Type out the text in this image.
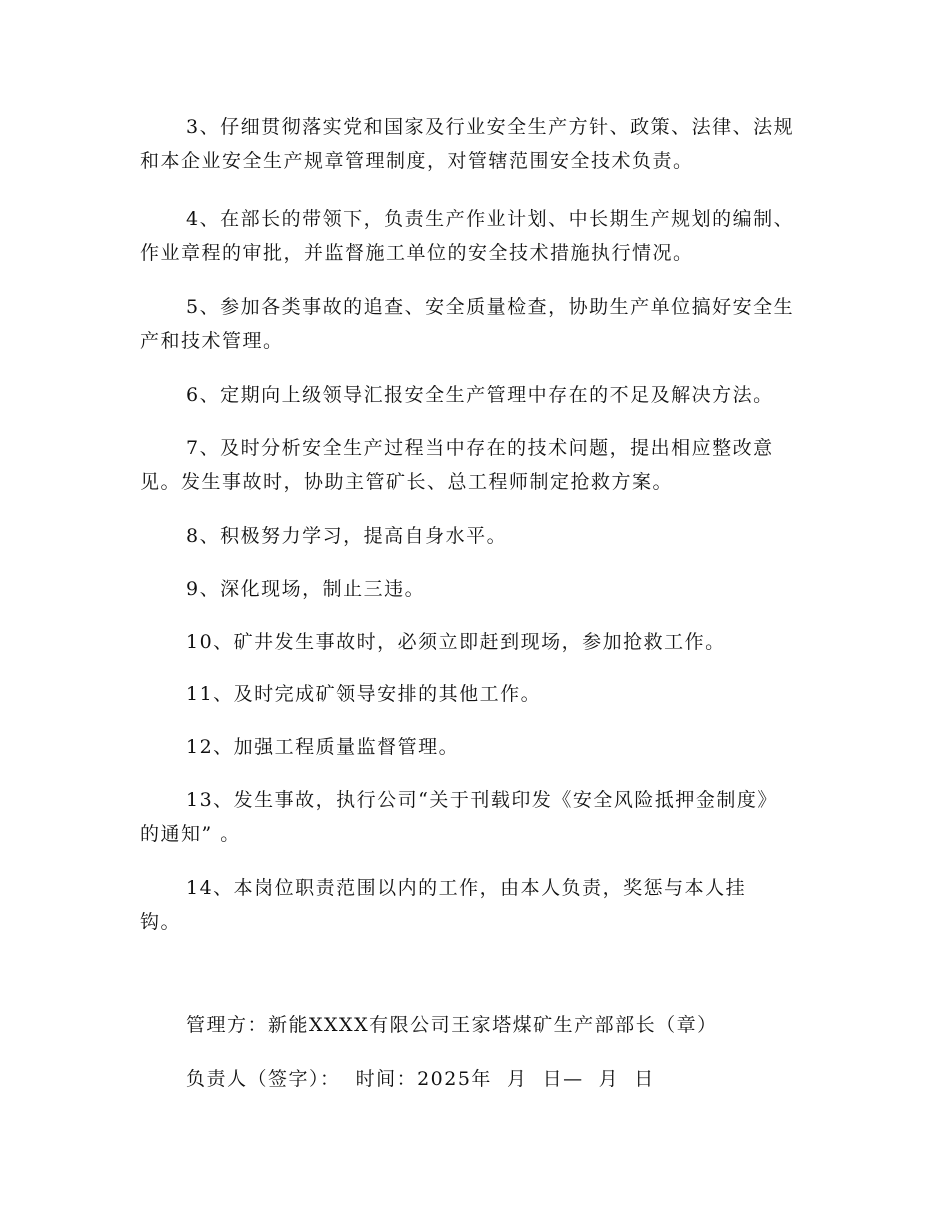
3、仔细贯彻落实党和国家及行业安全生产方针、政策、法律、法规和本企业安全生产规章管理制度，对管辖范围安全技术负责。

4、在部长的带领下，负责生产作业计划、中长期生产规划的编制、作业章程的审批，并监督施工单位的安全技术措施执行情况。

5、参加各类事故的追查、安全质量检查，协助生产单位搞好安全生产和技术管理。

6、定期向上级领导汇报安全生产管理中存在的不足及解决方法。

7、及时分析安全生产过程当中存在的技术问题，提出相应整改意见。发生事故时，协助主管矿长、总工程师制定抢救方案。

8、积极努力学习，提高自身水平。

9、深化现场，制止三违。

10、矿井发生事故时，必须立即赶到现场，参加抢救工作。

11、及时完成矿领导安排的其他工作。

12、加强工程质量监督管理。

13、发生事故，执行公司“关于刊载印发《安全风险抵押金制度》的通知” 。

14、本岗位职责范围以内的工作，由本人负责，奖惩与本人挂钩。

管理方：新能XXXX有限公司王家塔煤矿生产部部长（章）

负责人（签字）：  时间：2025年  月  日—  月  日
